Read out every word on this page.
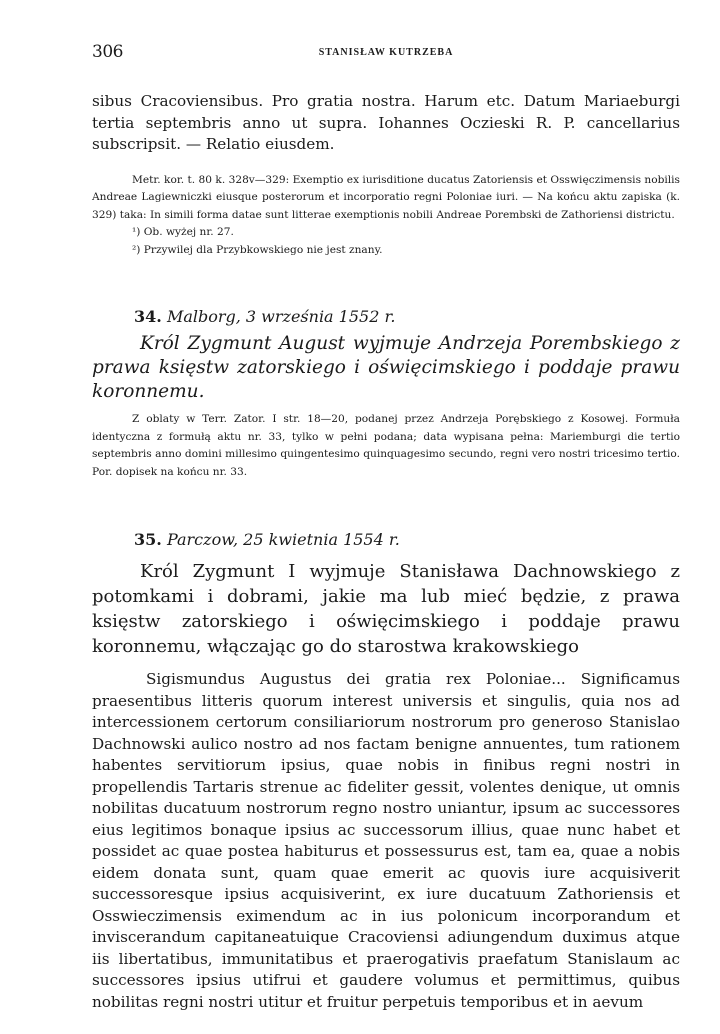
306	STANISŁAW KUTRZEBA

sibus Cracoviensibus. Pro gratia nostra. Harum etc. Datum Mariaeburgi tertia septembris anno ut supra. Iohannes Oczieski R. P. cancellarius subscripsit. — Relatio eiusdem.

Metr. kor. t. 80 k. 328v—329: Exemptio ex iurisditione ducatus Zatoriensis et Osswięczimensis nobilis Andreae Lagiewniczki eiusque posterorum et incorporatio regni Poloniae iuri. — Na końcu aktu zapiska (k. 329) taka: In simili forma datae sunt litterae exemptionis nobili Andreae Porembski de Zathoriensi districtu.

¹) Ob. wyżej nr. 27.

²) Przywilej dla Przybkowskiego nie jest znany.

34. Malborg, 3 września 1552 r.

Król Zygmunt August wyjmuje Andrzeja Porembskiego z prawa księstw zatorskiego i oświęcimskiego i poddaje prawu koronnemu.

Z oblaty w Terr. Zator. I str. 18—20, podanej przez Andrzeja Porębskiego z Kosowej. Formuła identyczna z formułą aktu nr. 33, tylko w pełni podana; data wypisana pełna: Mariemburgi die tertio septembris anno domini millesimo quingentesimo quinquagesimo secundo, regni vero nostri tricesimo tertio. Por. dopisek na końcu nr. 33.

35. Parczow, 25 kwietnia 1554 r.

Król Zygmunt I wyjmuje Stanisława Dachnowskiego z potomkami i dobrami, jakie ma lub mieć będzie, z prawa księstw zatorskiego i oświęcimskiego i poddaje prawu koronnemu, włączając go do starostwa krakowskiego

Sigismundus Augustus dei gratia rex Poloniae... Significamus praesentibus litteris quorum interest universis et singulis, quia nos ad intercessionem certorum consiliariorum nostrorum pro generoso Stanislao Dachnowski aulico nostro ad nos factam benigne annuentes, tum rationem habentes servitiorum ipsius, quae nobis in finibus regni nostri in propellendis Tartaris strenue ac fideliter gessit, volentes denique, ut omnis nobilitas ducatuum nostrorum regno nostro uniantur, ipsum ac successores eius legitimos bonaque ipsius ac successorum illius, quae nunc habet et possidet ac quae postea habiturus et possessurus est, tam ea, quae a nobis eidem donata sunt, quam quae emerit ac quovis iure acquisiverit successoresque ipsius acquisiverint, ex iure ducatuum Zathoriensis et Osswieczimensis eximendum ac in ius polonicum incorporandum et inviscerandum capitaneatuique Cracoviensi adiungendum duximus atque iis libertatibus, immunitatibus et praerogativis praefatum Stanislaum ac successores ipsius utifrui et gaudere volumus et permittimus, quibus nobilitas regni nostri utitur et fruitur perpetuis temporibus et in aevum
